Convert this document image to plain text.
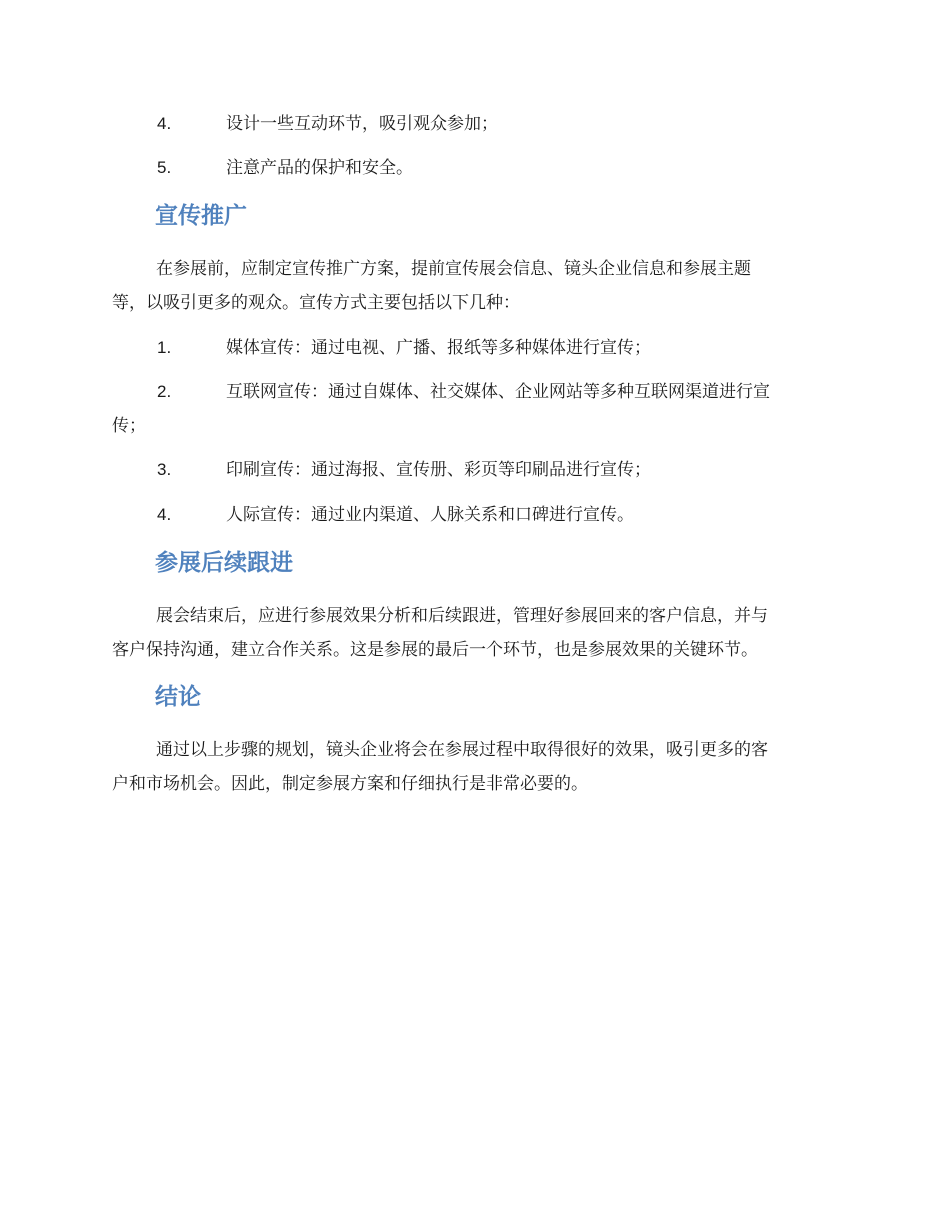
4.	设计一些互动环节，吸引观众参加；
5.	注意产品的保护和安全。
宣传推广
在参展前，应制定宣传推广方案，提前宣传展会信息、镜头企业信息和参展主题
等，以吸引更多的观众。宣传方式主要包括以下几种：
1.	媒体宣传：通过电视、广播、报纸等多种媒体进行宣传；
2.	互联网宣传：通过自媒体、社交媒体、企业网站等多种互联网渠道进行宣
传；
3.	印刷宣传：通过海报、宣传册、彩页等印刷品进行宣传；
4.	人际宣传：通过业内渠道、人脉关系和口碑进行宣传。
参展后续跟进
展会结束后，应进行参展效果分析和后续跟进，管理好参展回来的客户信息，并与
客户保持沟通，建立合作关系。这是参展的最后一个环节，也是参展效果的关键环节。
结论
通过以上步骤的规划，镜头企业将会在参展过程中取得很好的效果，吸引更多的客
户和市场机会。因此，制定参展方案和仔细执行是非常必要的。
